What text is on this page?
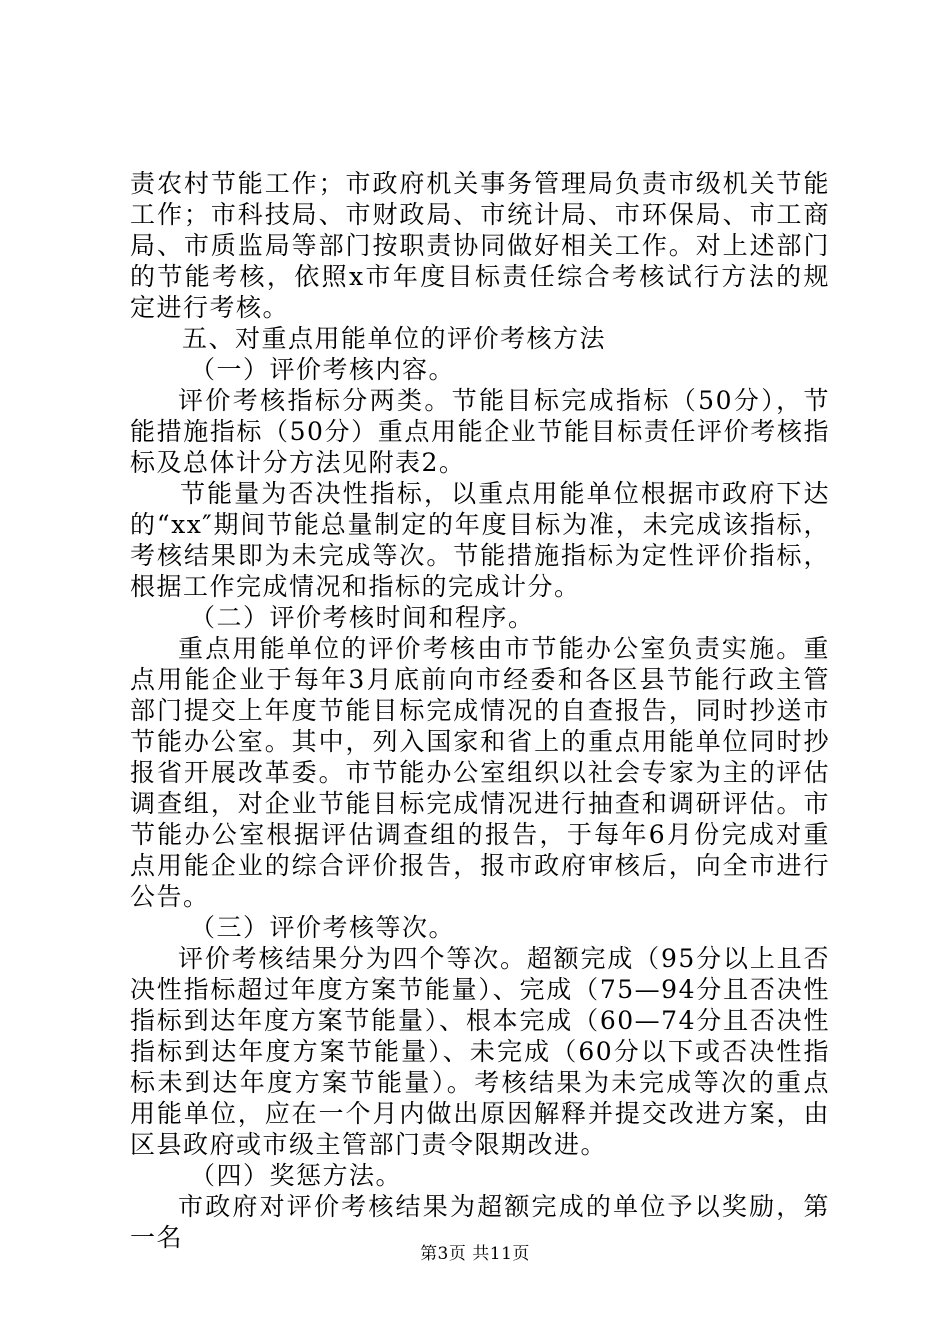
责农村节能工作；市政府机关事务管理局负责市级机关节能工作；市科技局、市财政局、市统计局、市环保局、市工商局、市质监局等部门按职责协同做好相关工作。对上述部门的节能考核，依照x市年度目标责任综合考核试行方法的规定进行考核。

五、对重点用能单位的评价考核方法

（一）评价考核内容。

评价考核指标分两类。节能目标完成指标（50分），节能措施指标（50分）重点用能企业节能目标责任评价考核指标及总体计分方法见附表2。

节能量为否决性指标，以重点用能单位根据市政府下达的“xx″期间节能总量制定的年度目标为准，未完成该指标，考核结果即为未完成等次。节能措施指标为定性评价指标，根据工作完成情况和指标的完成计分。

（二）评价考核时间和程序。

重点用能单位的评价考核由市节能办公室负责实施。重点用能企业于每年3月底前向市经委和各区县节能行政主管部门提交上年度节能目标完成情况的自查报告，同时抄送市节能办公室。其中，列入国家和省上的重点用能单位同时抄报省开展改革委。市节能办公室组织以社会专家为主的评估调查组，对企业节能目标完成情况进行抽查和调研评估。市节能办公室根据评估调查组的报告，于每年6月份完成对重点用能企业的综合评价报告，报市政府审核后，向全市进行公告。

（三）评价考核等次。

评价考核结果分为四个等次。超额完成（95分以上且否决性指标超过年度方案节能量）、完成（75—94分且否决性指标到达年度方案节能量）、根本完成（60—74分且否决性指标到达年度方案节能量）、未完成（60分以下或否决性指标未到达年度方案节能量）。考核结果为未完成等次的重点用能单位，应在一个月内做出原因解释并提交改进方案，由区县政府或市级主管部门责令限期改进。

（四）奖惩方法。

市政府对评价考核结果为超额完成的单位予以奖励，第一名

第3页 共11页
